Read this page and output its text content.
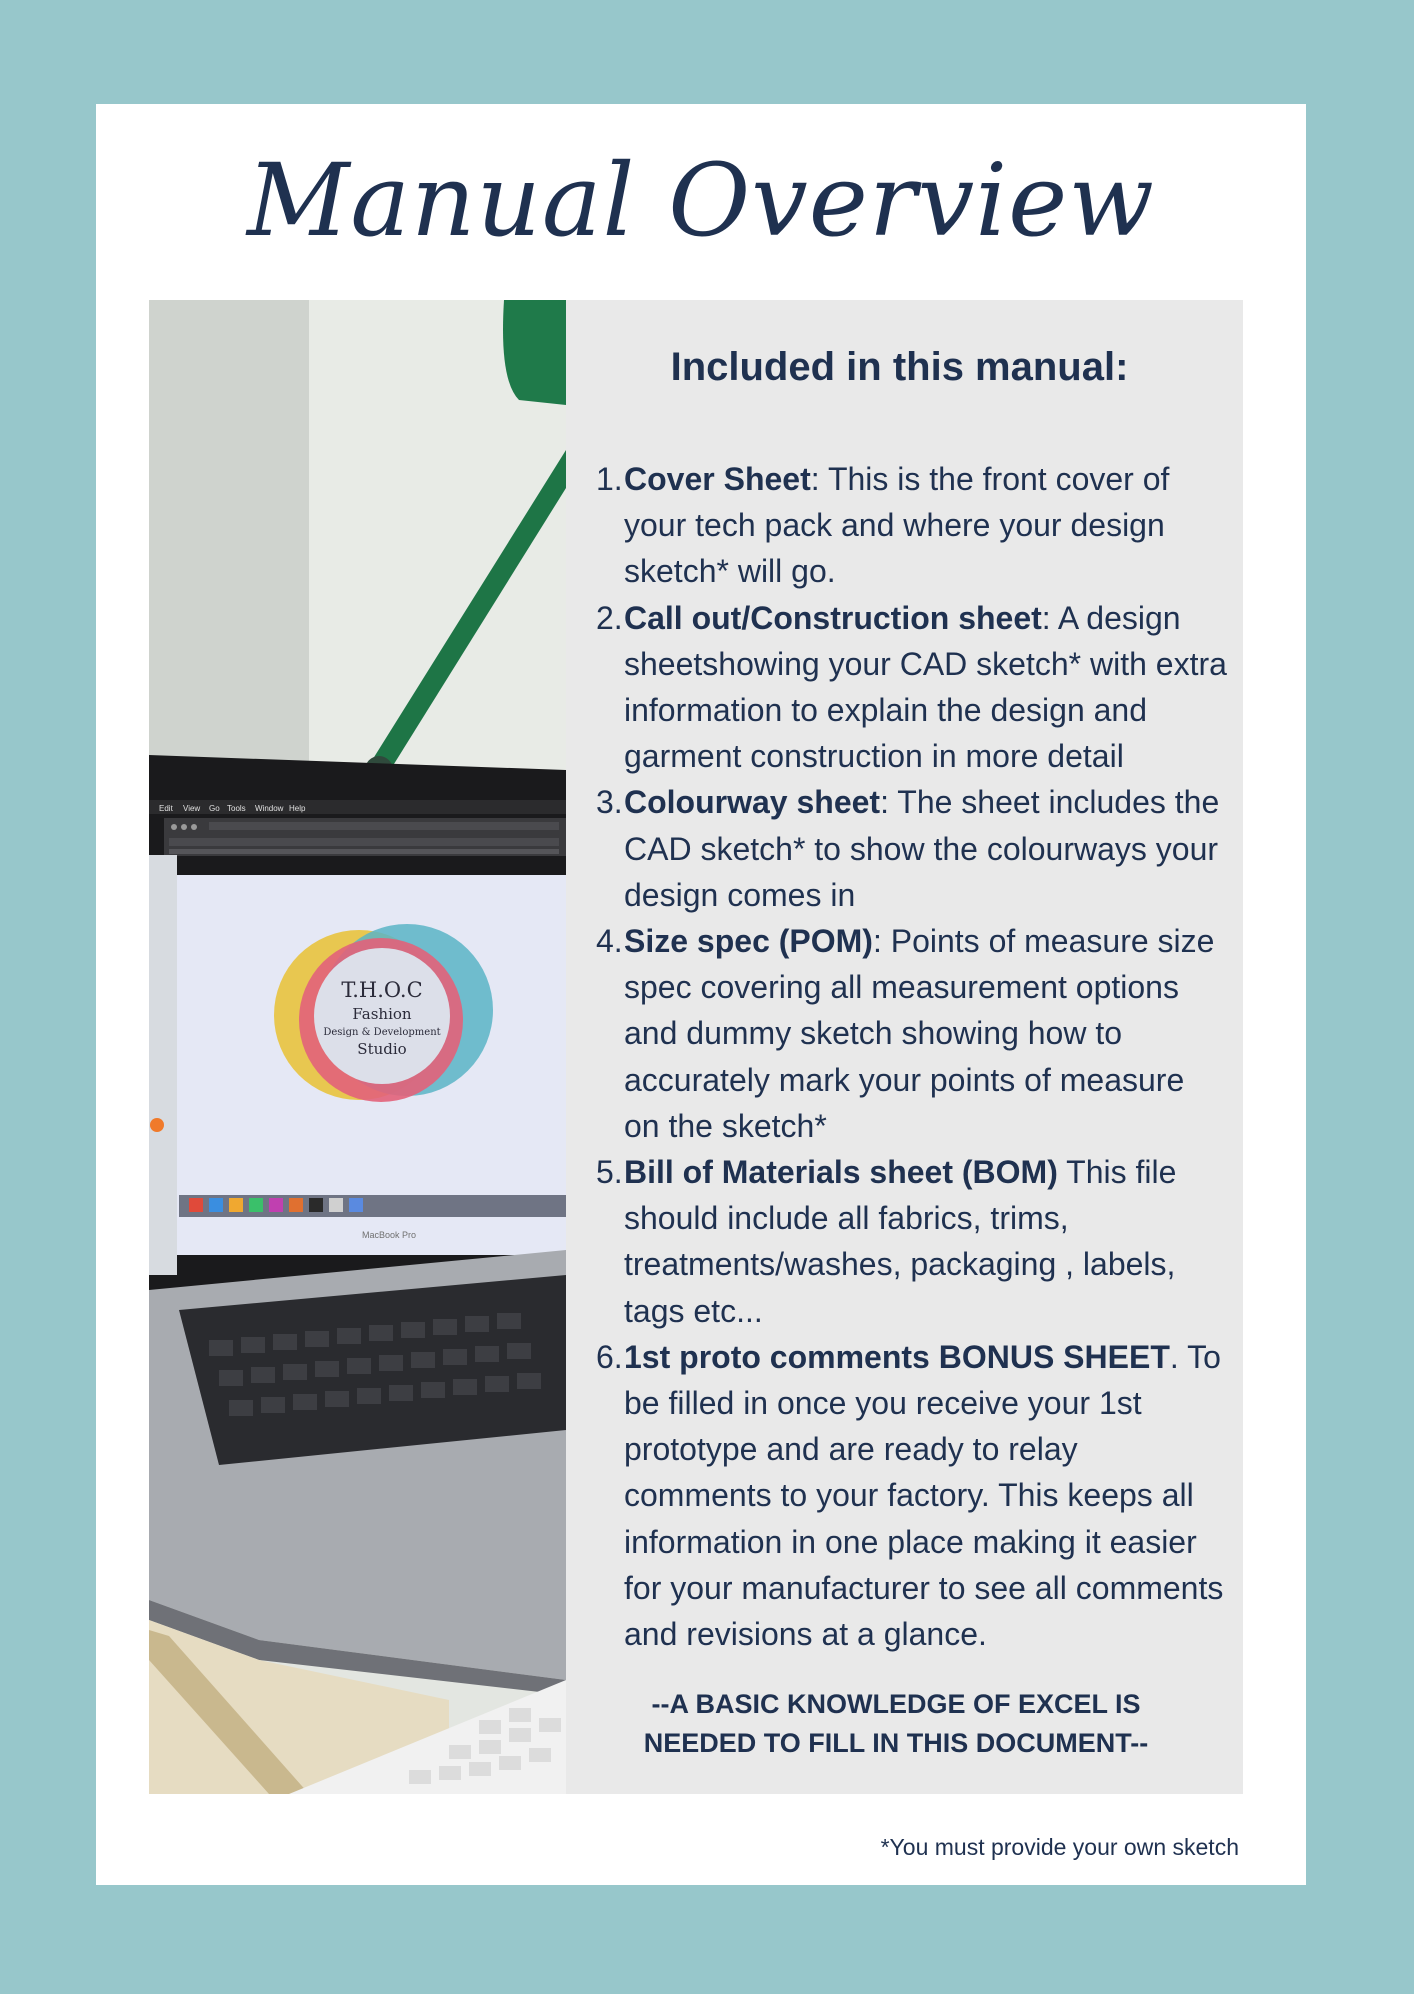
Manual Overview
Edit View Go Tools Window Help
T.H.O.C
Fashion
Design & Development
Studio
MacBook Pro
Included in this manual:
1. Cover Sheet: This is the front cover of your tech pack and where your design sketch* will go.
2. Call out/Construction sheet: A design sheetshowing your CAD sketch* with extra information to explain the design and garment construction in more detail
3. Colourway sheet: The sheet includes the CAD sketch* to show the colourways your design comes in
4. Size spec (POM): Points of measure size spec covering all measurement options and dummy sketch showing how to accurately mark your points of measure on the sketch*
5. Bill of Materials sheet (BOM) This file should include all fabrics, trims, treatments/washes, packaging , labels, tags etc...
6. 1st proto comments BONUS SHEET. To be filled in once you receive your 1st prototype and are ready to relay comments to your factory. This keeps all information in one place making it easier for your manufacturer to see all comments and revisions at a glance.

--A BASIC KNOWLEDGE OF EXCEL IS
NEEDED TO FILL IN THIS DOCUMENT--

*You must provide your own sketch
